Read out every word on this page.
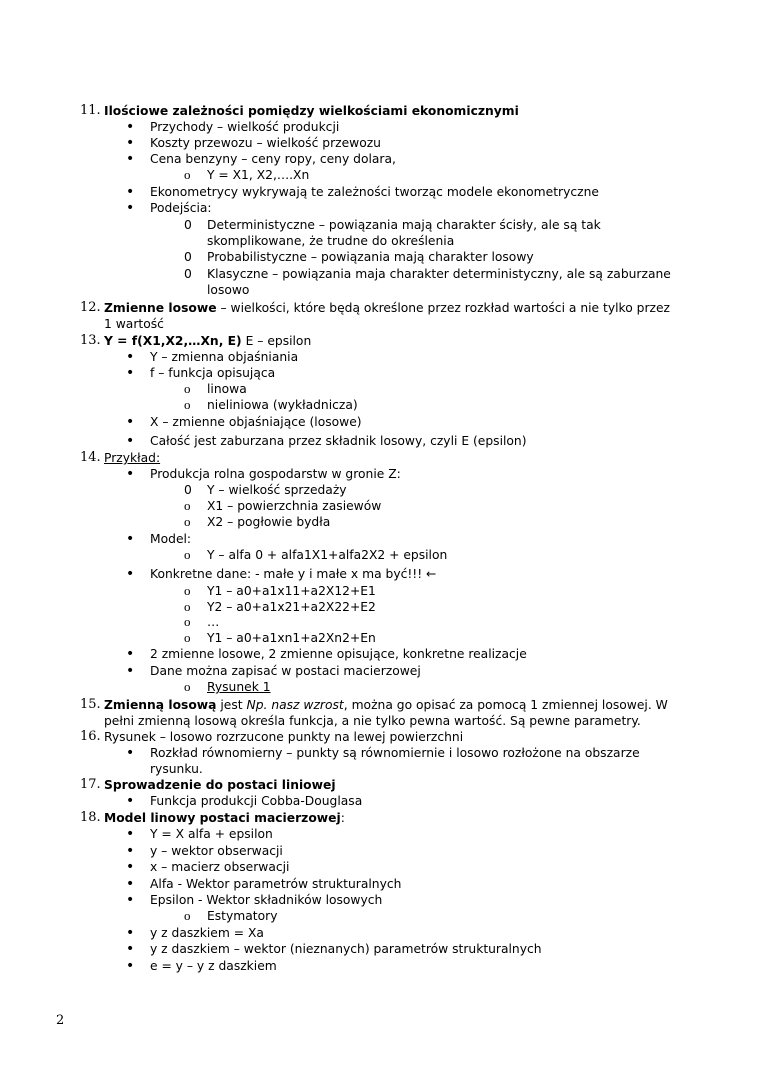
11. Ilościowe zależności pomiędzy wielkościami ekonomicznymi
• Przychody – wielkość produkcji
• Koszty przewozu – wielkość przewozu
• Cena benzyny – ceny ropy, ceny dolara,
o Y = X1, X2,….Xn
• Ekonometrycy wykrywają te zależności tworząc modele ekonometryczne
• Podejścia:
0 Deterministyczne – powiązania mają charakter ścisły, ale są tak
skomplikowane, że trudne do określenia
0 Probabilistyczne – powiązania mają charakter losowy
0 Klasyczne – powiązania maja charakter deterministyczny, ale są zaburzane
losowo
12. Zmienne losowe – wielkości, które będą określone przez rozkład wartości a nie tylko przez
1 wartość
13. Y = f(X1,X2,…Xn, E) E – epsilon
• Y – zmienna objaśniania
• f – funkcja opisująca
o linowa
o nieliniowa (wykładnicza)
• X – zmienne objaśniające (losowe)
• Całość jest zaburzana przez składnik losowy, czyli E (epsilon)
14. Przykład:
• Produkcja rolna gospodarstw w gronie Z:
0 Y – wielkość sprzedaży
o X1 – powierzchnia zasiewów
o X2 – pogłowie bydła
• Model:
o Y – alfa 0 + alfa1X1+alfa2X2 + epsilon
• Konkretne dane: - małe y i małe x ma być!!! ←
o Y1 – a0+a1x11+a2X12+E1
o Y2 – a0+a1x21+a2X22+E2
o …
o Y1 – a0+a1xn1+a2Xn2+En
• 2 zmienne losowe, 2 zmienne opisujące, konkretne realizacje
• Dane można zapisać w postaci macierzowej
o Rysunek 1
15. Zmienną losową jest Np. nasz wzrost, można go opisać za pomocą 1 zmiennej losowej. W
pełni zmienną losową określa funkcja, a nie tylko pewna wartość. Są pewne parametry.
16. Rysunek – losowo rozrzucone punkty na lewej powierzchni
• Rozkład równomierny – punkty są równomiernie i losowo rozłożone na obszarze
rysunku.
17. Sprowadzenie do postaci liniowej
• Funkcja produkcji Cobba-Douglasa
18. Model linowy postaci macierzowej:
• Y = X alfa + epsilon
• y – wektor obserwacji
• x – macierz obserwacji
• Alfa - Wektor parametrów strukturalnych
• Epsilon - Wektor składników losowych
o Estymatory
• y z daszkiem = Xa
• y z daszkiem – wektor (nieznanych) parametrów strukturalnych
• e = y – y z daszkiem
2
